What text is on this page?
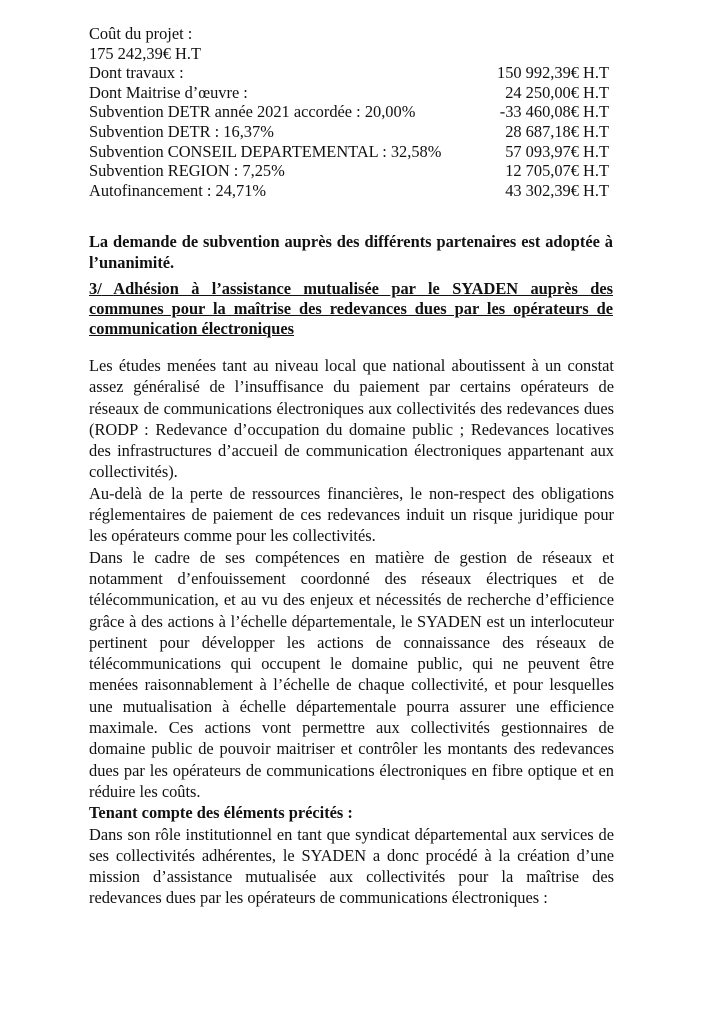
Coût du projet :
175 242,39€ H.T
Dont travaux :	150 992,39€ H.T
Dont Maitrise d’œuvre :	24 250,00€ H.T
Subvention DETR année 2021 accordée : 20,00%	-33 460,08€ H.T
Subvention DETR : 16,37%	28 687,18€ H.T
Subvention CONSEIL DEPARTEMENTAL : 32,58%	57 093,97€ H.T
Subvention REGION : 7,25%	12 705,07€ H.T
Autofinancement : 24,71%	43 302,39€ H.T

La demande de subvention auprès des différents partenaires est adoptée à l’unanimité.

3/ Adhésion à l’assistance mutualisée par le SYADEN auprès des communes pour la maîtrise des redevances dues par les opérateurs de communication électroniques

Les études menées tant au niveau local que national aboutissent à un constat assez généralisé de l’insuffisance du paiement par certains opérateurs de réseaux de communications électroniques aux collectivités des redevances dues (RODP : Redevance d’occupation du domaine public ; Redevances locatives des infrastructures d’accueil de communication électroniques appartenant aux collectivités).

Au-delà de la perte de ressources financières, le non-respect des obligations réglementaires de paiement de ces redevances induit un risque juridique pour les opérateurs comme pour les collectivités.

Dans le cadre de ses compétences en matière de gestion de réseaux et notamment d’enfouissement coordonné des réseaux électriques et de télécommunication, et au vu des enjeux et nécessités de recherche d’efficience grâce à des actions à l’échelle départementale, le SYADEN est un interlocuteur pertinent pour développer les actions de connaissance des réseaux de télécommunications qui occupent le domaine public, qui ne peuvent être menées raisonnablement à l’échelle de chaque collectivité, et pour lesquelles une mutualisation à échelle départementale pourra assurer une efficience maximale. Ces actions vont permettre aux collectivités gestionnaires de domaine public de pouvoir maitriser et contrôler les montants des redevances dues par les opérateurs de communications électroniques en fibre optique et en réduire les coûts.

Tenant compte des éléments précités :

Dans son rôle institutionnel en tant que syndicat départemental aux services de ses collectivités adhérentes, le SYADEN a donc procédé à la création d’une mission d’assistance mutualisée aux collectivités pour la maîtrise des redevances dues par les opérateurs de communications électroniques :
